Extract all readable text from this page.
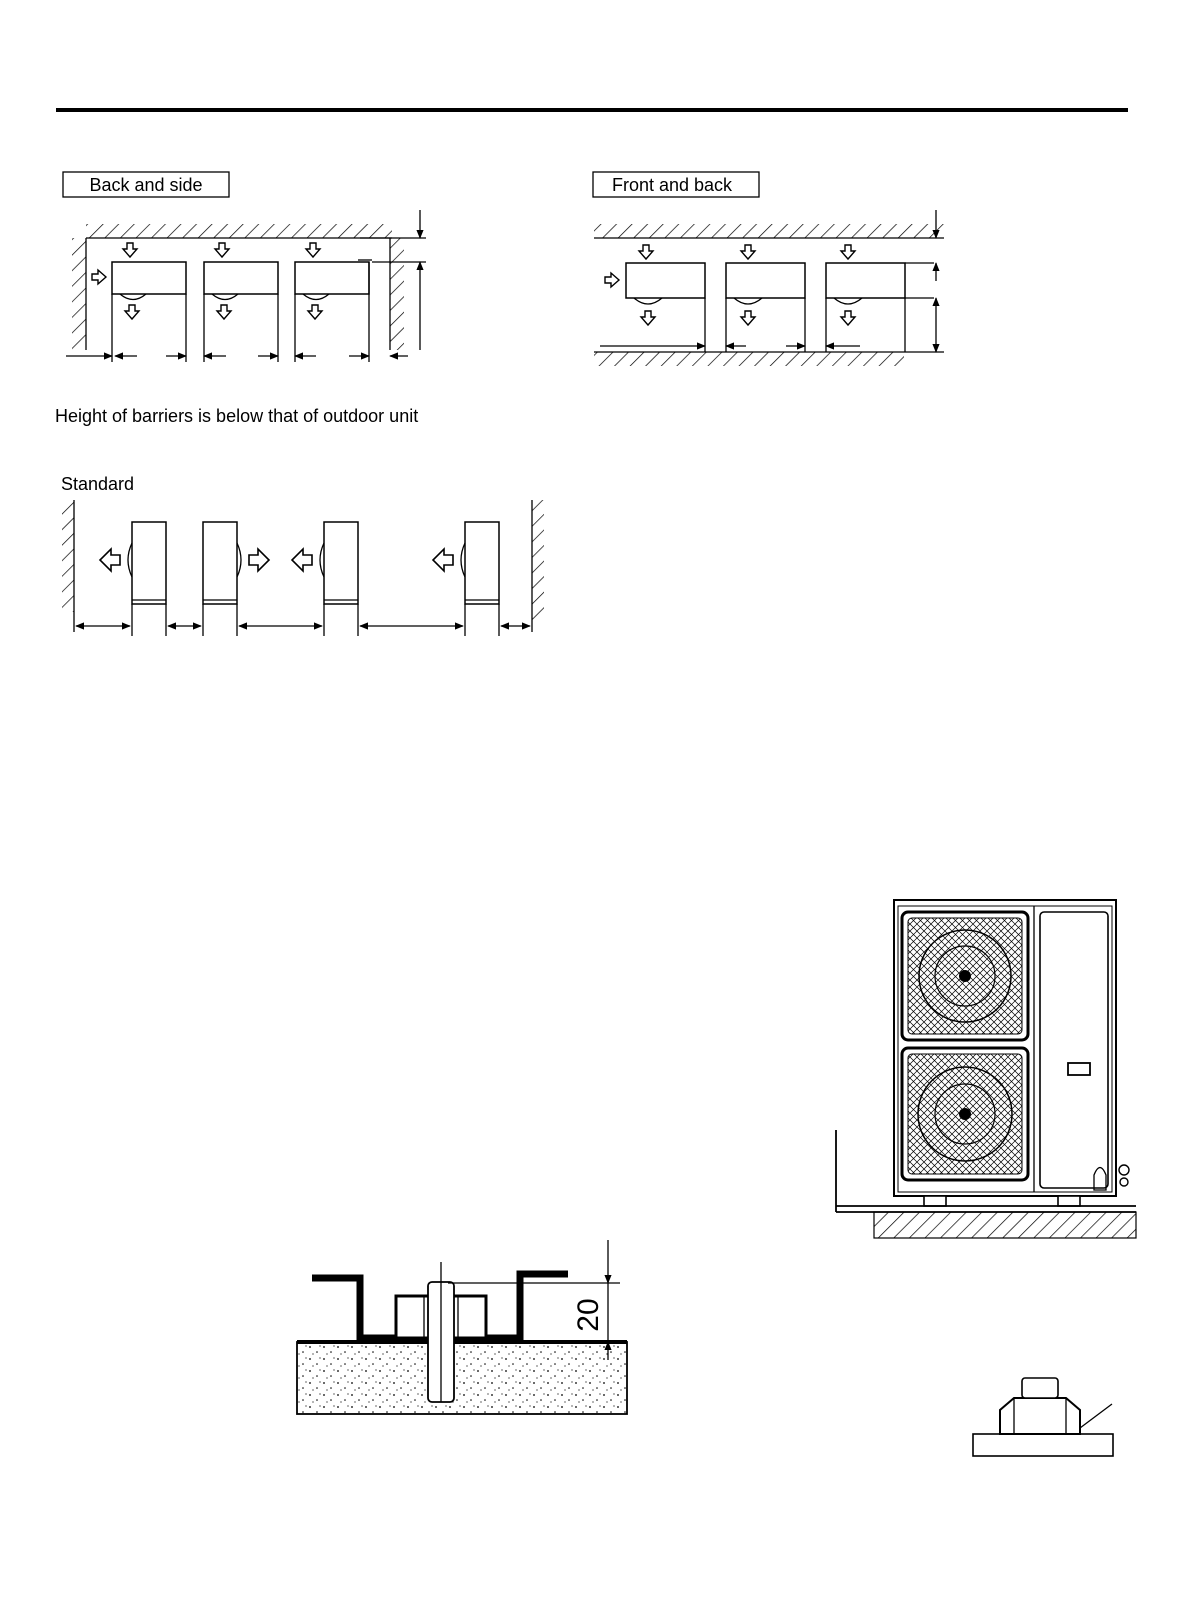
Back and side	Front and back
Height of barriers is below that of outdoor unit
Standard
20
